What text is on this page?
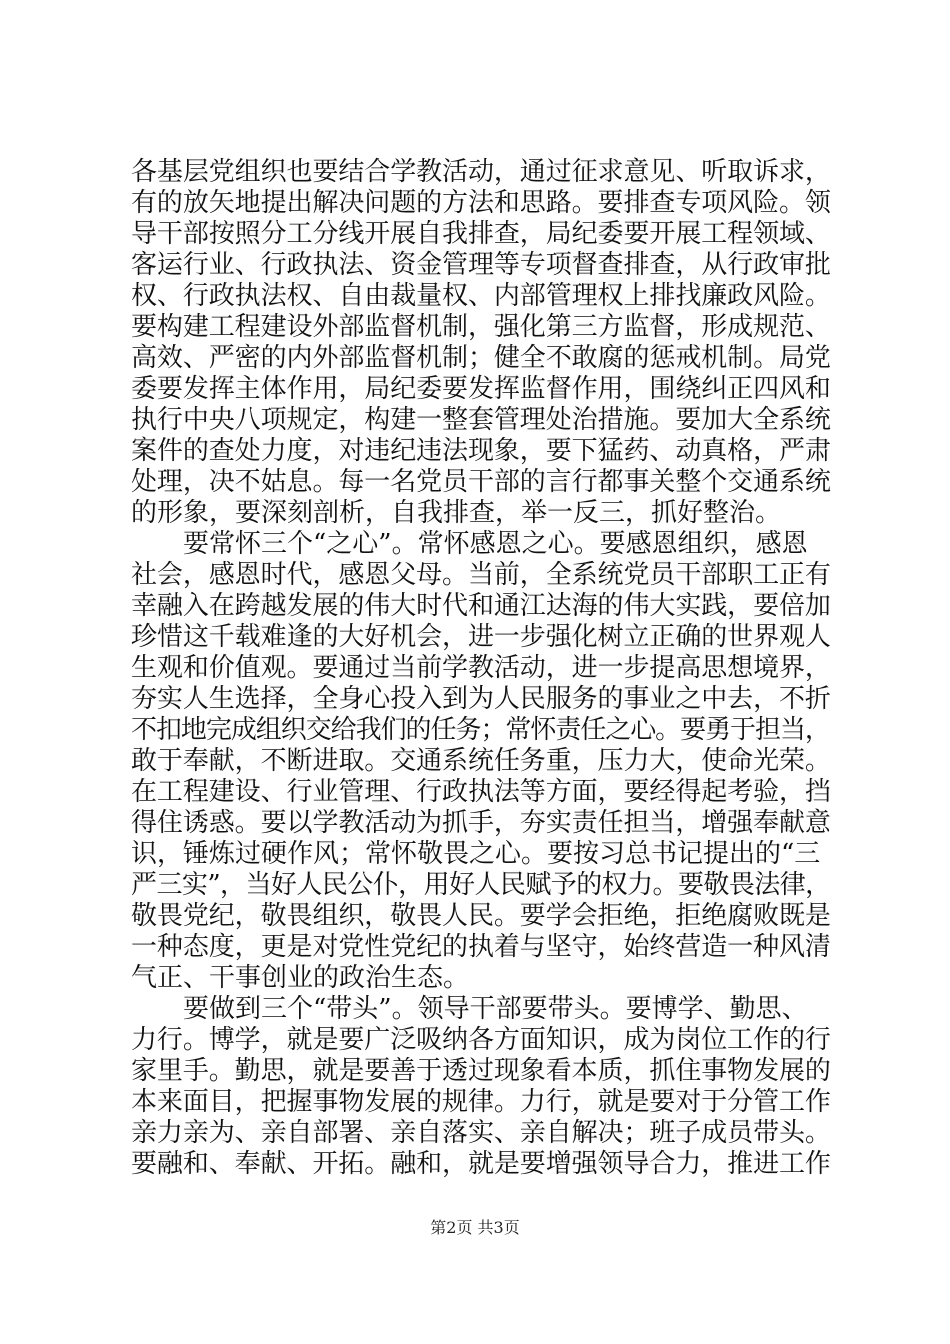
各基层党组织也要结合学教活动，通过征求意见、听取诉求，
有的放矢地提出解决问题的方法和思路。要排查专项风险。领
导干部按照分工分线开展自我排查，局纪委要开展工程领域、
客运行业、行政执法、资金管理等专项督查排查，从行政审批
权、行政执法权、自由裁量权、内部管理权上排找廉政风险。
要构建工程建设外部监督机制，强化第三方监督，形成规范、
高效、严密的内外部监督机制；健全不敢腐的惩戒机制。局党
委要发挥主体作用，局纪委要发挥监督作用，围绕纠正四风和
执行中央八项规定，构建一整套管理处治措施。要加大全系统
案件的查处力度，对违纪违法现象，要下猛药、动真格，严肃
处理，决不姑息。每一名党员干部的言行都事关整个交通系统
的形象，要深刻剖析，自我排查，举一反三，抓好整治。
要常怀三个“之心”。常怀感恩之心。要感恩组织，感恩
社会，感恩时代，感恩父母。当前，全系统党员干部职工正有
幸融入在跨越发展的伟大时代和通江达海的伟大实践，要倍加
珍惜这千载难逢的大好机会，进一步强化树立正确的世界观人
生观和价值观。要通过当前学教活动，进一步提高思想境界，
夯实人生选择，全身心投入到为人民服务的事业之中去，不折
不扣地完成组织交给我们的任务；常怀责任之心。要勇于担当，
敢于奉献，不断进取。交通系统任务重，压力大，使命光荣。
在工程建设、行业管理、行政执法等方面，要经得起考验，挡
得住诱惑。要以学教活动为抓手，夯实责任担当，增强奉献意
识，锤炼过硬作风；常怀敬畏之心。要按习总书记提出的“三
严三实”，当好人民公仆，用好人民赋予的权力。要敬畏法律，
敬畏党纪，敬畏组织，敬畏人民。要学会拒绝，拒绝腐败既是
一种态度，更是对党性党纪的执着与坚守，始终营造一种风清
气正、干事创业的政治生态。
要做到三个“带头”。领导干部要带头。要博学、勤思、
力行。博学，就是要广泛吸纳各方面知识，成为岗位工作的行
家里手。勤思，就是要善于透过现象看本质，抓住事物发展的
本来面目，把握事物发展的规律。力行，就是要对于分管工作
亲力亲为、亲自部署、亲自落实、亲自解决；班子成员带头。
要融和、奉献、开拓。融和，就是要增强领导合力，推进工作
第2页 共3页
